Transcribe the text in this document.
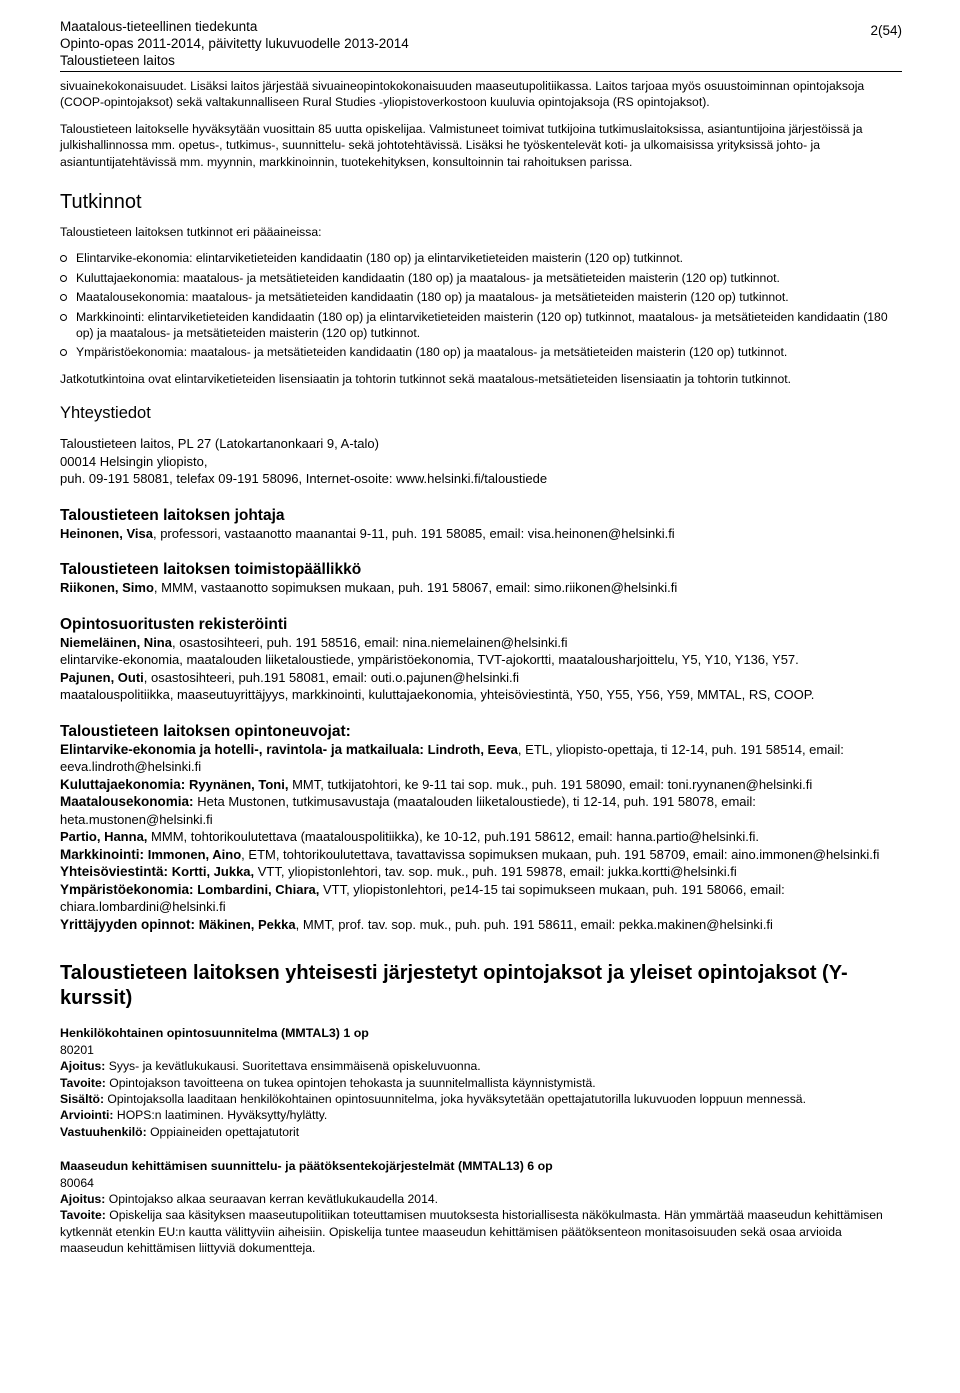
Maatalous-tieteellinen tiedekunta
Opinto-opas 2011-2014, päivitetty lukuvuodelle 2013-2014
Taloustieteen laitos
2(54)

sivuainekokonaisuudet. Lisäksi laitos järjestää sivuaineopintokokonaisuuden maaseutupolitiikassa. Laitos tarjoaa myös osuustoiminnan opintojaksoja (COOP-opintojaksot) sekä valtakunnalliseen Rural Studies -yliopistoverkostoon kuuluvia opintojaksoja (RS opintojaksot).

Taloustieteen laitokselle hyväksytään vuosittain 85 uutta opiskelijaa. Valmistuneet toimivat tutkijoina tutkimuslaitoksissa, asiantuntijoina järjestöissä ja julkishallinnossa mm. opetus-, tutkimus-, suunnittelu- sekä johtotehtävissä. Lisäksi he työskentelevät koti- ja ulkomaisissa yrityksissä johto- ja asiantuntijatehtävissä mm. myynnin, markkinoinnin, tuotekehityksen, konsultoinnin tai rahoituksen parissa.

Tutkinnot

Taloustieteen laitoksen tutkinnot eri pääaineissa:

Elintarvike-ekonomia: elintarviketieteiden kandidaatin (180 op) ja elintarviketieteiden maisterin (120 op) tutkinnot.
Kuluttajaekonomia: maatalous- ja metsätieteiden kandidaatin (180 op) ja maatalous- ja metsätieteiden maisterin (120 op) tutkinnot.
Maatalousekonomia: maatalous- ja metsätieteiden kandidaatin (180 op) ja maatalous- ja metsätieteiden maisterin (120 op) tutkinnot.
Markkinointi: elintarviketieteiden kandidaatin (180 op) ja elintarviketieteiden maisterin (120 op) tutkinnot, maatalous- ja metsätieteiden kandidaatin (180 op) ja maatalous- ja metsätieteiden maisterin (120 op) tutkinnot.
Ympäristöekonomia: maatalous- ja metsätieteiden kandidaatin (180 op) ja maatalous- ja metsätieteiden maisterin (120 op) tutkinnot.

Jatkotutkintoina ovat elintarviketieteiden lisensiaatin ja tohtorin tutkinnot sekä maatalous-metsätieteiden lisensiaatin ja tohtorin tutkinnot.

Yhteystiedot

Taloustieteen laitos, PL 27 (Latokartanonkaari 9, A-talo)

00014 Helsingin yliopisto,

puh. 09-191 58081, telefax 09-191 58096, Internet-osoite: www.helsinki.fi/taloustiede

Taloustieteen laitoksen johtaja

Heinonen, Visa, professori, vastaanotto maanantai 9-11, puh. 191 58085, email: visa.heinonen@helsinki.fi

Taloustieteen laitoksen toimistopäällikkö

Riikonen, Simo, MMM, vastaanotto sopimuksen mukaan, puh. 191 58067, email: simo.riikonen@helsinki.fi

Opintosuoritusten rekisteröinti

Niemeläinen, Nina, osastosihteeri, puh. 191 58516, email: nina.niemelainen@helsinki.fi

elintarvike-ekonomia, maatalouden liiketaloustiede, ympäristöekonomia, TVT-ajokortti, maatalousharjoittelu, Y5, Y10, Y136, Y57.

Pajunen, Outi, osastosihteeri, puh.191 58081, email: outi.o.pajunen@helsinki.fi

maatalouspolitiikka, maaseutuyrittäjyys, markkinointi, kuluttajaekonomia, yhteisöviestintä, Y50, Y55, Y56, Y59, MMTAL, RS, COOP.

Taloustieteen laitoksen opintoneuvojat:

Elintarvike-ekonomia ja hotelli-, ravintola- ja matkailuala: Lindroth, Eeva, ETL, yliopisto-opettaja, ti 12-14, puh. 191 58514, email: eeva.lindroth@helsinki.fi

Kuluttajaekonomia: Ryynänen, Toni, MMT, tutkijatohtori, ke 9-11 tai sop. muk., puh. 191 58090, email: toni.ryynanen@helsinki.fi

Maatalousekonomia: Heta Mustonen, tutkimusavustaja (maatalouden liiketaloustiede), ti 12-14, puh. 191 58078, email: heta.mustonen@helsinki.fi

Partio, Hanna, MMM, tohtorikoulutettava (maatalouspolitiikka), ke 10-12, puh.191 58612, email: hanna.partio@helsinki.fi.

Markkinointi: Immonen, Aino, ETM, tohtorikoulutettava, tavattavissa sopimuksen mukaan, puh. 191 58709, email: aino.immonen@helsinki.fi

Yhteisöviestintä: Kortti, Jukka, VTT, yliopistonlehtori, tav. sop. muk., puh. 191 59878, email: jukka.kortti@helsinki.fi

Ympäristöekonomia: Lombardini, Chiara, VTT, yliopistonlehtori, pe14-15 tai sopimukseen mukaan, puh. 191 58066, email: chiara.lombardini@helsinki.fi

Yrittäjyyden opinnot: Mäkinen, Pekka, MMT, prof. tav. sop. muk., puh. puh. 191 58611, email: pekka.makinen@helsinki.fi

Taloustieteen laitoksen yhteisesti järjestetyt opintojaksot ja yleiset opintojaksot (Y-kurssit)

Henkilökohtainen opintosuunnitelma (MMTAL3) 1 op

80201

Ajoitus: Syys- ja kevätlukukausi. Suoritettava ensimmäisenä opiskeluvuonna.

Tavoite: Opintojakson tavoitteena on tukea opintojen tehokasta ja suunnitelmallista käynnistymistä.

Sisältö: Opintojaksolla laaditaan henkilökohtainen opintosuunnitelma, joka hyväksytetään opettajatutorilla lukuvuoden loppuun mennessä.

Arviointi: HOPS:n laatiminen. Hyväksytty/hylätty.

Vastuuhenkilö: Oppiaineiden opettajatutorit

Maaseudun kehittämisen suunnittelu- ja päätöksentekojärjestelmät (MMTAL13) 6 op

80064

Ajoitus: Opintojakso alkaa seuraavan kerran kevätlukukaudella 2014.

Tavoite: Opiskelija saa käsityksen maaseutupolitiikan toteuttamisen muutoksesta historiallisesta näkökulmasta. Hän ymmärtää maaseudun kehittämisen kytkennät etenkin EU:n kautta välittyviin aiheisiin. Opiskelija tuntee maaseudun kehittämisen päätöksenteon monitasoisuuden sekä osaa arvioida maaseudun kehittämisen liittyviä dokumentteja.
